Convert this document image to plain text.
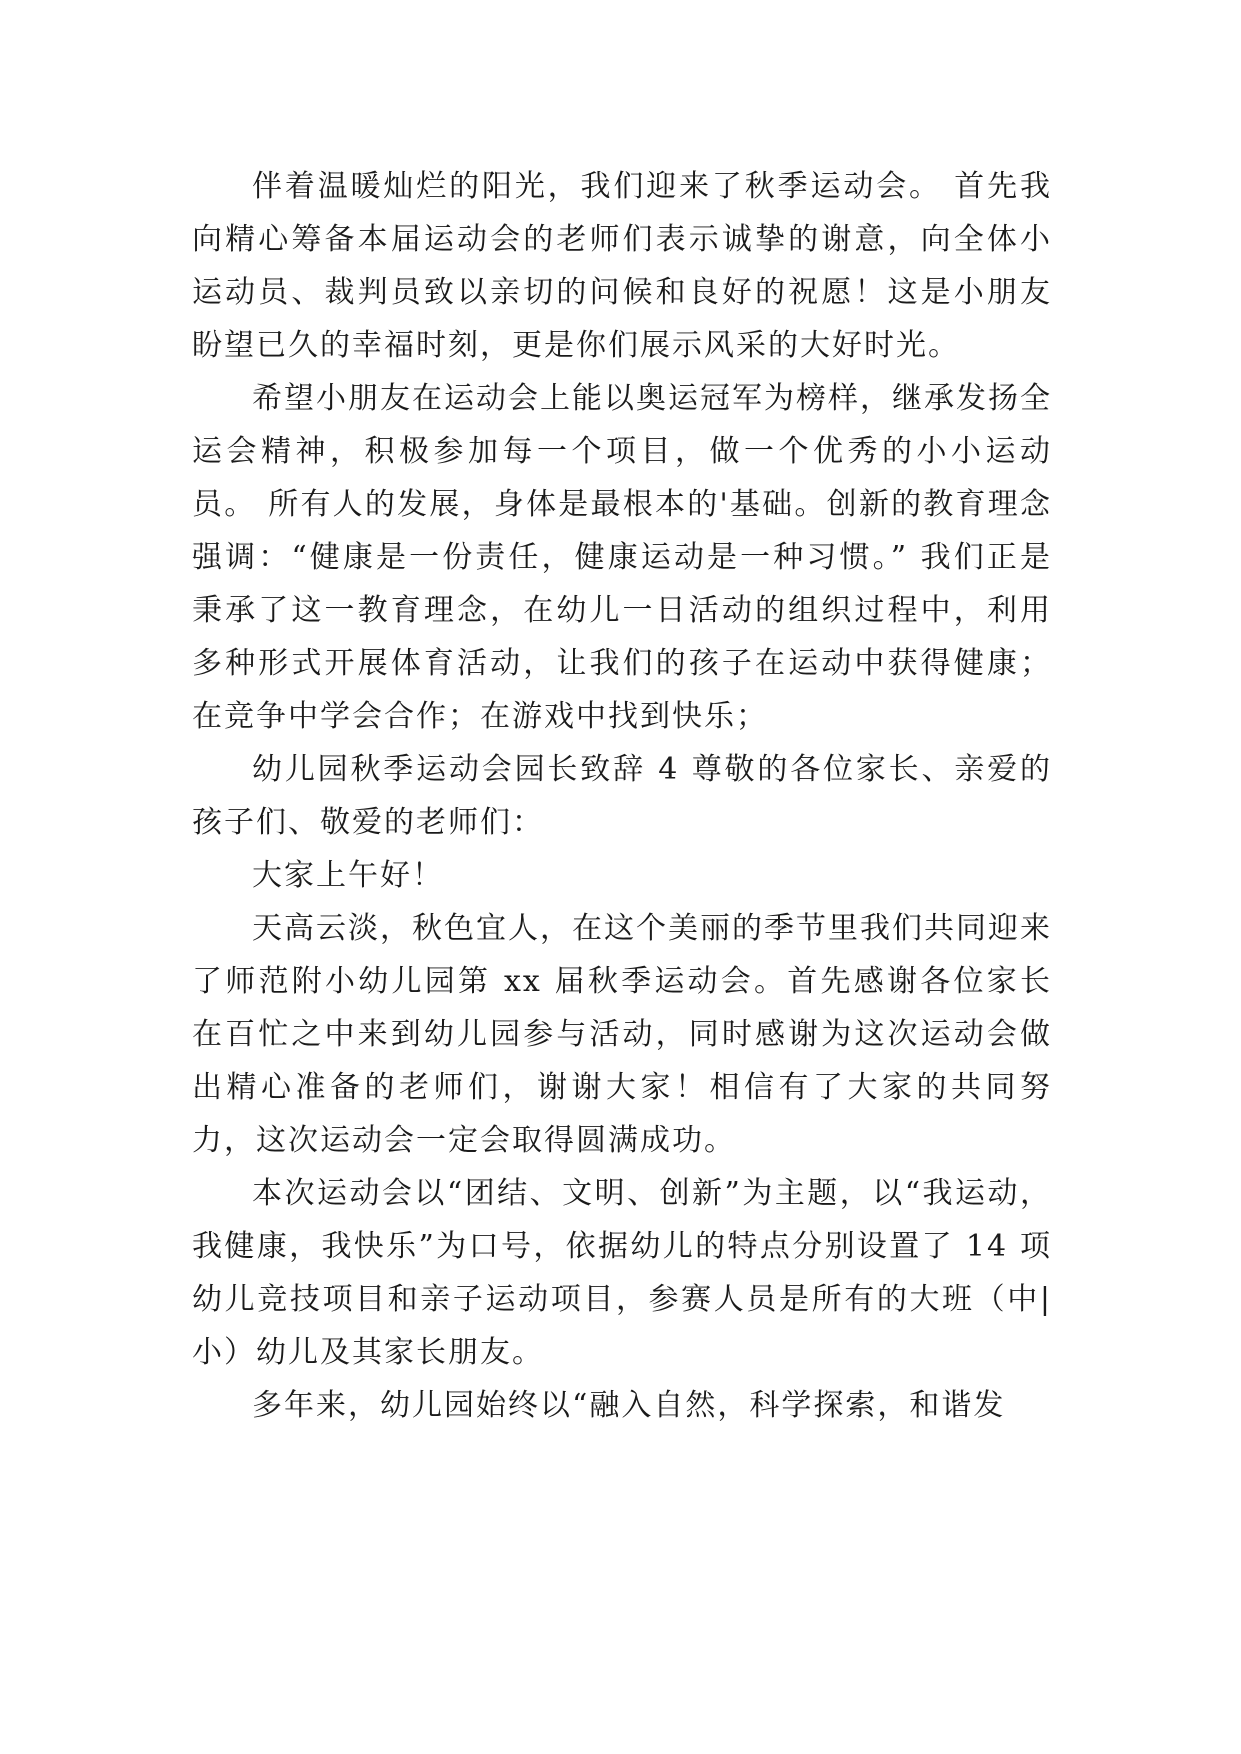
伴着温暖灿烂的阳光，我们迎来了秋季运动会。 首先我向精心筹备本届运动会的老师们表示诚挚的谢意，向全体小运动员、裁判员致以亲切的问候和良好的祝愿！这是小朋友盼望已久的幸福时刻，更是你们展示风采的大好时光。

希望小朋友在运动会上能以奥运冠军为榜样，继承发扬全运会精神，积极参加每一个项目，做一个优秀的小小运动员。 所有人的发展，身体是最根本的'基础。创新的教育理念强调：“健康是一份责任，健康运动是一种习惯。” 我们正是秉承了这一教育理念，在幼儿一日活动的组织过程中，利用多种形式开展体育活动，让我们的孩子在运动中获得健康；在竞争中学会合作；在游戏中找到快乐；

幼儿园秋季运动会园长致辞 4 尊敬的各位家长、亲爱的孩子们、敬爱的老师们：

大家上午好！

天高云淡，秋色宜人，在这个美丽的季节里我们共同迎来了师范附小幼儿园第 xx 届秋季运动会。首先感谢各位家长在百忙之中来到幼儿园参与活动，同时感谢为这次运动会做出精心准备的老师们，谢谢大家！相信有了大家的共同努力，这次运动会一定会取得圆满成功。

本次运动会以“团结、文明、创新”为主题，以“我运动，我健康，我快乐”为口号，依据幼儿的特点分别设置了 14 项幼儿竞技项目和亲子运动项目，参赛人员是所有的大班（中|小）幼儿及其家长朋友。

多年来，幼儿园始终以“融入自然，科学探索，和谐发
